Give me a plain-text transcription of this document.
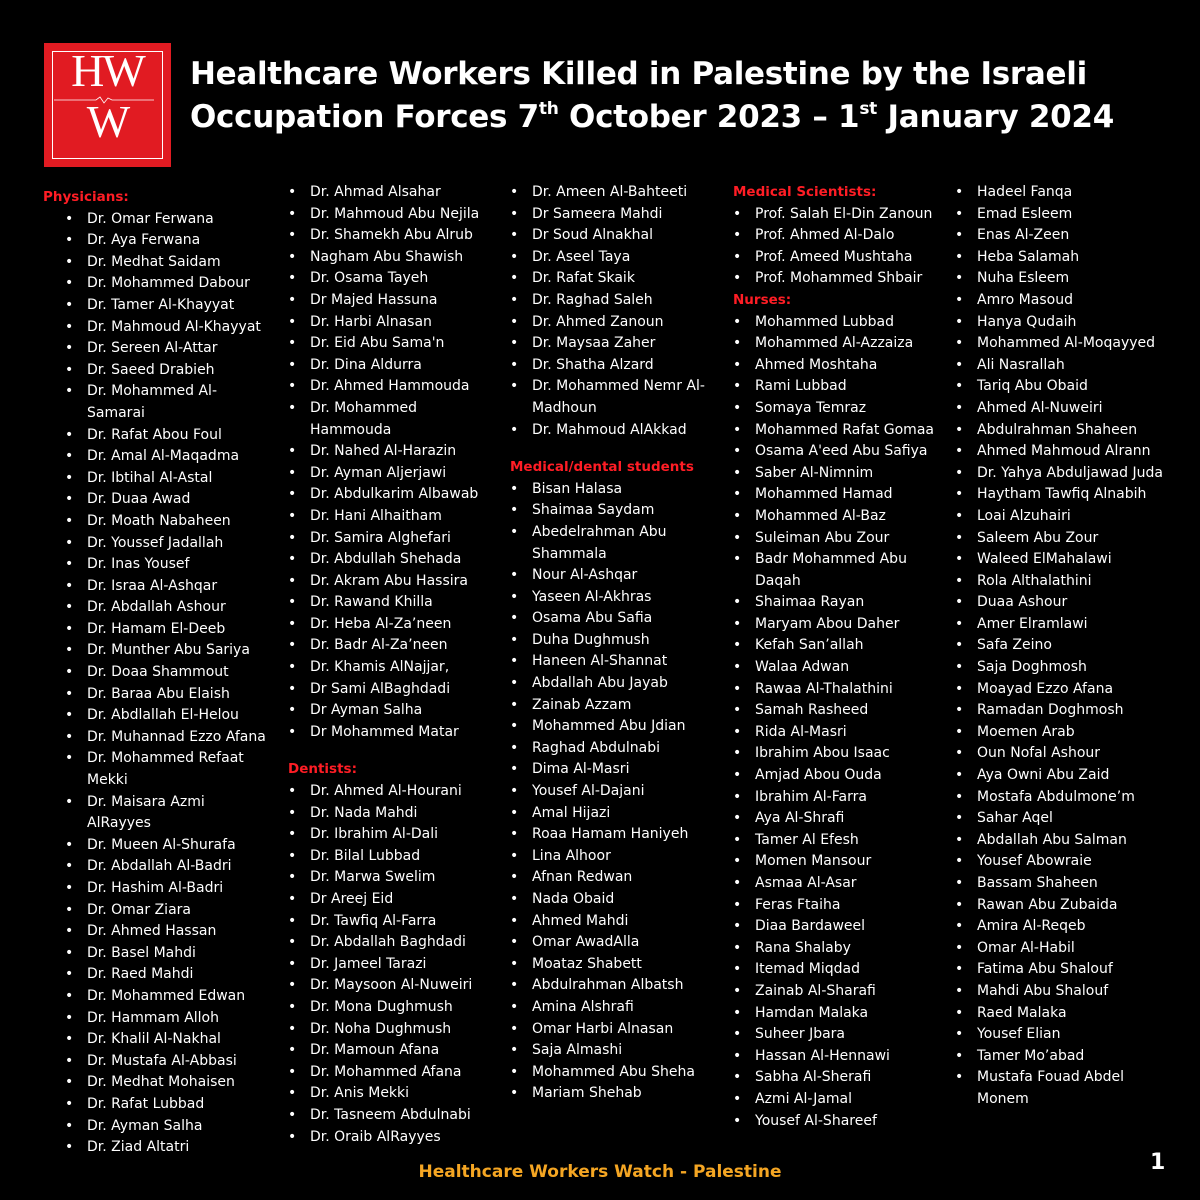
HW
W
Healthcare Workers Killed in Palestine by the Israeli
Occupation Forces 7th October 2023 – 1st January 2024
Physicians:
• Dr. Omar Ferwana
• Dr. Aya Ferwana
• Dr. Medhat Saidam
• Dr. Mohammed Dabour
• Dr. Tamer Al-Khayyat
• Dr. Mahmoud Al-Khayyat
• Dr. Sereen Al-Attar
• Dr. Saeed Drabieh
• Dr. Mohammed Al-Samarai
• Dr. Rafat Abou Foul
• Dr. Amal Al-Maqadma
• Dr. Ibtihal Al-Astal
• Dr. Duaa Awad
• Dr. Moath Nabaheen
• Dr. Youssef Jadallah
• Dr. Inas Yousef
• Dr. Israa Al-Ashqar
• Dr. Abdallah Ashour
• Dr. Hamam El-Deeb
• Dr. Munther Abu Sariya
• Dr. Doaa Shammout
• Dr. Baraa Abu Elaish
• Dr. Abdlallah El-Helou
• Dr. Muhannad Ezzo Afana
• Dr. Mohammed Refaat Mekki
• Dr. Maisara Azmi AlRayyes
• Dr. Mueen Al-Shurafa
• Dr. Abdallah Al-Badri
• Dr. Hashim Al-Badri
• Dr. Omar Ziara
• Dr. Ahmed Hassan
• Dr. Basel Mahdi
• Dr. Raed Mahdi
• Dr. Mohammed Edwan
• Dr. Hammam Alloh
• Dr. Khalil Al-Nakhal
• Dr. Mustafa Al-Abbasi
• Dr. Medhat Mohaisen
• Dr. Rafat Lubbad
• Dr. Ayman Salha
• Dr. Ziad Altatri
• Dr. Ahmad Alsahar
• Dr. Mahmoud Abu Nejila
• Dr. Shamekh Abu Alrub
• Nagham Abu Shawish
• Dr. Osama Tayeh
• Dr Majed Hassuna
• Dr. Harbi Alnasan
• Dr. Eid Abu Sama'n
• Dr. Dina Aldurra
• Dr. Ahmed Hammouda
• Dr. Mohammed Hammouda
• Dr. Nahed Al-Harazin
• Dr. Ayman Aljerjawi
• Dr. Abdulkarim Albawab
• Dr. Hani Alhaitham
• Dr. Samira Alghefari
• Dr. Abdullah Shehada
• Dr. Akram Abu Hassira
• Dr. Rawand Khilla
• Dr. Heba Al-Za’neen
• Dr. Badr Al-Za’neen
• Dr. Khamis AlNajjar,
• Dr Sami AlBaghdadi
• Dr Ayman Salha
• Dr Mohammed Matar
Dentists:
• Dr. Ahmed Al-Hourani
• Dr. Nada Mahdi
• Dr. Ibrahim Al-Dali
• Dr. Bilal Lubbad
• Dr. Marwa Swelim
• Dr Areej Eid
• Dr. Tawfiq Al-Farra
• Dr. Abdallah Baghdadi
• Dr. Jameel Tarazi
• Dr. Maysoon Al-Nuweiri
• Dr. Mona Dughmush
• Dr. Noha Dughmush
• Dr. Mamoun Afana
• Dr. Mohammed Afana
• Dr. Anis Mekki
• Dr. Tasneem Abdulnabi
• Dr. Oraib AlRayyes
• Dr. Ameen Al-Bahteeti
• Dr Sameera Mahdi
• Dr Soud Alnakhal
• Dr. Aseel Taya
• Dr. Rafat Skaik
• Dr. Raghad Saleh
• Dr. Ahmed Zanoun
• Dr. Maysaa Zaher
• Dr. Shatha Alzard
• Dr. Mohammed Nemr Al-Madhoun
• Dr. Mahmoud AlAkkad
Medical/dental students
• Bisan Halasa
• Shaimaa Saydam
• Abedelrahman Abu Shammala
• Nour Al-Ashqar
• Yaseen Al-Akhras
• Osama Abu Safia
• Duha Dughmush
• Haneen Al-Shannat
• Abdallah Abu Jayab
• Zainab Azzam
• Mohammed Abu Jdian
• Raghad Abdulnabi
• Dima Al-Masri
• Yousef Al-Dajani
• Amal Hijazi
• Roaa Hamam Haniyeh
• Lina Alhoor
• Afnan Redwan
• Nada Obaid
• Ahmed Mahdi
• Omar AwadAlla
• Moataz Shabett
• Abdulrahman Albatsh
• Amina Alshrafi
• Omar Harbi Alnasan
• Saja Almashi
• Mohammed Abu Sheha
• Mariam Shehab
Medical Scientists:
• Prof. Salah El-Din Zanoun
• Prof. Ahmed Al-Dalo
• Prof. Ameed Mushtaha
• Prof. Mohammed Shbair
Nurses:
• Mohammed Lubbad
• Mohammed Al-Azzaiza
• Ahmed Moshtaha
• Rami Lubbad
• Somaya Temraz
• Mohammed Rafat Gomaa
• Osama A'eed Abu Safiya
• Saber Al-Nimnim
• Mohammed Hamad
• Mohammed Al-Baz
• Suleiman Abu Zour
• Badr Mohammed Abu Daqah
• Shaimaa Rayan
• Maryam Abou Daher
• Kefah San’allah
• Walaa Adwan
• Rawaa Al-Thalathini
• Samah Rasheed
• Rida Al-Masri
• Ibrahim Abou Isaac
• Amjad Abou Ouda
• Ibrahim Al-Farra
• Aya Al-Shrafi
• Tamer Al Efesh
• Momen Mansour
• Asmaa Al-Asar
• Feras Ftaiha
• Diaa Bardaweel
• Rana Shalaby
• Itemad Miqdad
• Zainab Al-Sharafi
• Hamdan Malaka
• Suheer Jbara
• Hassan Al-Hennawi
• Sabha Al-Sherafi
• Azmi Al-Jamal
• Yousef Al-Shareef
• Hadeel Fanqa
• Emad Esleem
• Enas Al-Zeen
• Heba Salamah
• Nuha Esleem
• Amro Masoud
• Hanya Qudaih
• Mohammed Al-Moqayyed
• Ali Nasrallah
• Tariq Abu Obaid
• Ahmed Al-Nuweiri
• Abdulrahman Shaheen
• Ahmed Mahmoud Alrann
• Dr. Yahya Abduljawad Juda
• Haytham Tawfiq Alnabih
• Loai Alzuhairi
• Saleem Abu Zour
• Waleed ElMahalawi
• Rola Althalathini
• Duaa Ashour
• Amer Elramlawi
• Safa Zeino
• Saja Doghmosh
• Moayad Ezzo Afana
• Ramadan Doghmosh
• Moemen Arab
• Oun Nofal Ashour
• Aya Owni Abu Zaid
• Mostafa Abdulmone’m
• Sahar Aqel
• Abdallah Abu Salman
• Yousef Abowraie
• Bassam Shaheen
• Rawan Abu Zubaida
• Amira Al-Reqeb
• Omar Al-Habil
• Fatima Abu Shalouf
• Mahdi Abu Shalouf
• Raed Malaka
• Yousef Elian
• Tamer Mo’abad
• Mustafa Fouad Abdel Monem
Healthcare Workers Watch - Palestine	1
